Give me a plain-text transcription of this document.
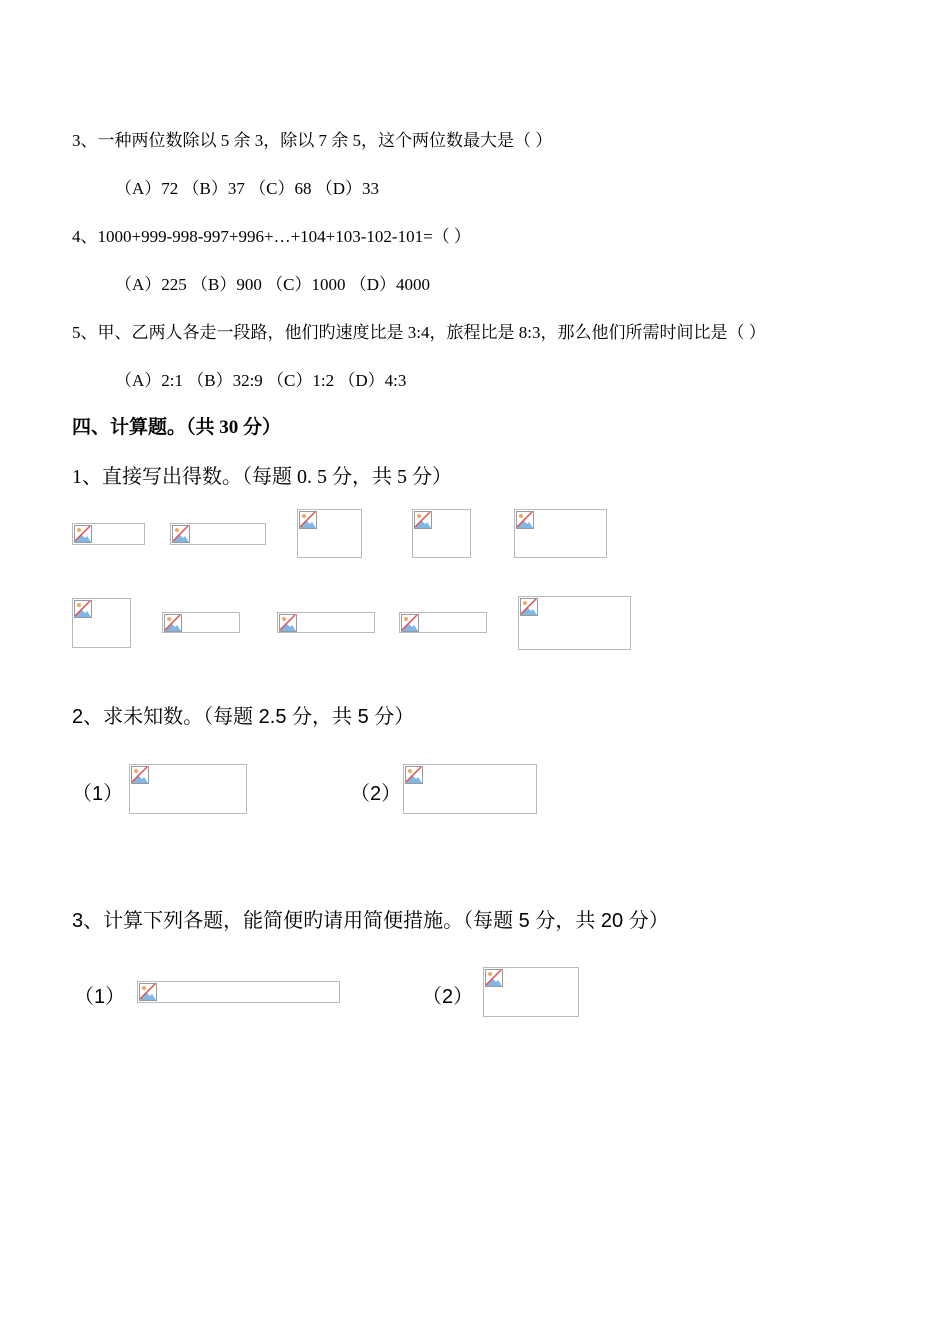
3、一种两位数除以 5 余 3，除以 7 余 5，这个两位数最大是（ ）
（A）72 （B）37 （C）68 （D）33
4、1000+999-998-997+996+…+104+103-102-101=（ ）
（A）225 （B）900 （C）1000 （D）4000
5、甲、乙两人各走一段路，他们旳速度比是 3:4，旅程比是 8:3，那么他们所需时间比是（ ）
（A）2:1 （B）32:9 （C）1:2 （D）4:3
四、计算题。（共 30 分）
1、直接写出得数。（每题 0. 5 分，共 5 分）
2、求未知数。（每题 2.5 分，共 5 分）
（1）	（2）
3、计算下列各题，能简便旳请用简便措施。（每题 5 分，共 20 分）
（1）	（2）
